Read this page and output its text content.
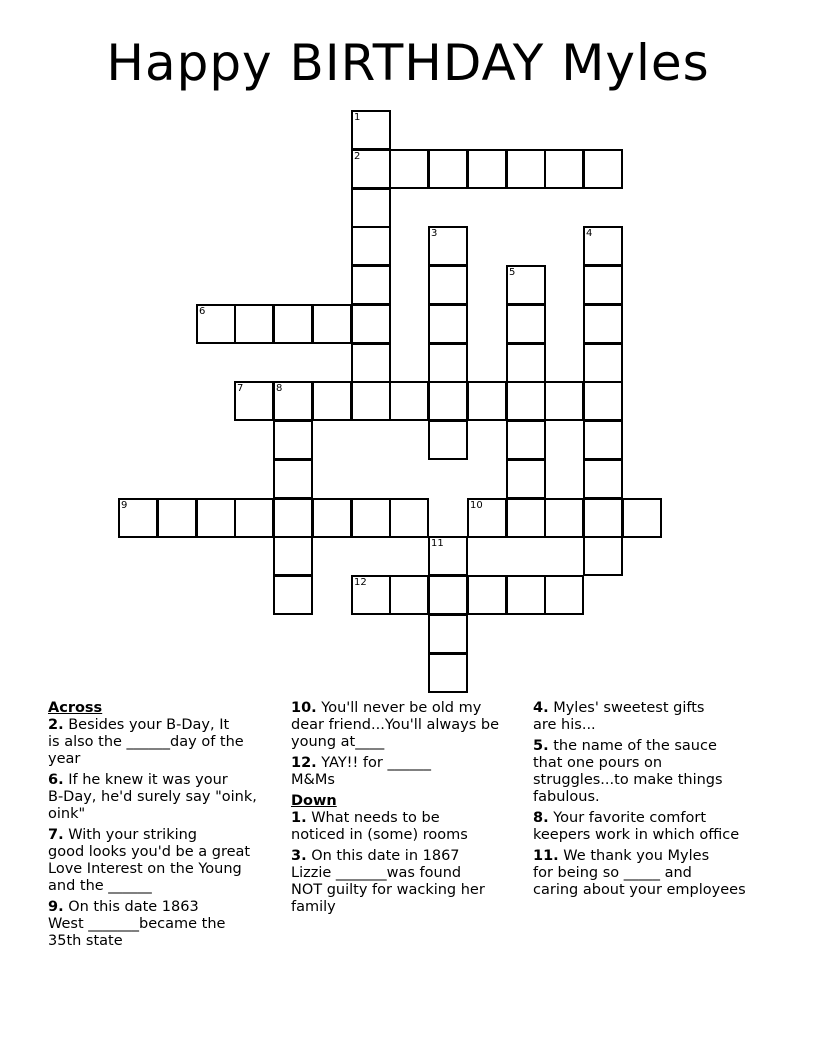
Happy BIRTHDAY Myles
1
2
3	4
5
6
7	8
9	10
11
12
Across
2. Besides your B-Day, It
is also the ______day of the
year
6. If he knew it was your
B-Day, he'd surely say "oink,
oink"
7. With your striking
good looks you'd be a great
Love Interest on the Young
and the ______
9. On this date 1863
West _______became the
35th state
10. You'll never be old my
dear friend...You'll always be
young at____
12. YAY!! for ______
M&Ms
Down
1. What needs to be
noticed in (some) rooms
3. On this date in 1867
Lizzie _______was found
NOT guilty for wacking her
family
4. Myles' sweetest gifts
are his...
5. the name of the sauce
that one pours on
struggles...to make things
fabulous.
8. Your favorite comfort
keepers work in which office
11. We thank you Myles
for being so _____ and
caring about your employees
